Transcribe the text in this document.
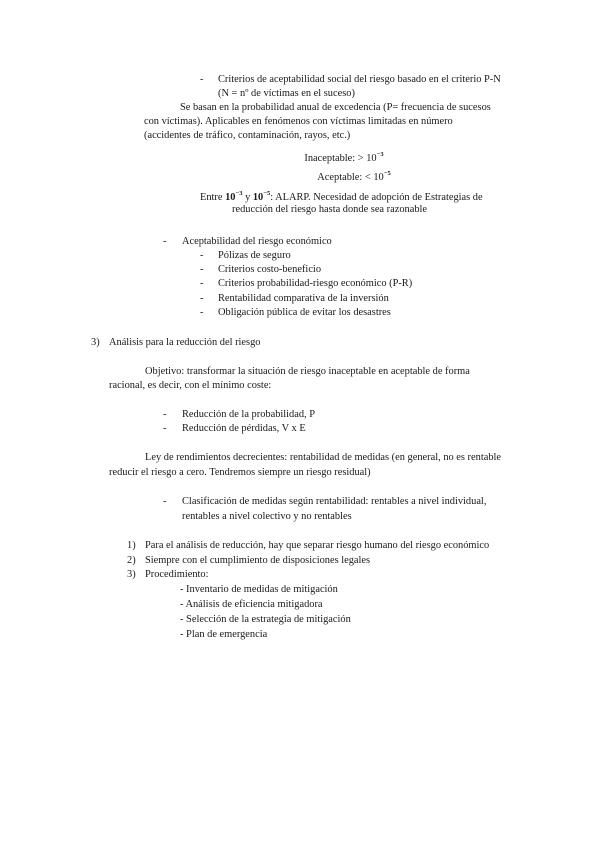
- Criterios de aceptabilidad social del riesgo basado en el criterio P-N
(N = nº de víctimas en el suceso)
Se basan en la probabilidad anual de excedencia (P= frecuencia de sucesos
con víctimas). Aplicables en fenómenos con víctimas limitadas en número
(accidentes de tráfico, contaminación, rayos, etc.)
Inaceptable: > $10^{-3}$
Aceptable: < $10^{-5}$
Entre $10^{-3}$ y $10^{-5}$: ALARP. Necesidad de adopción de Estrategias de
reducción del riesgo hasta donde sea razonable
- Aceptabilidad del riesgo económico
- Pólizas de seguro
- Criterios costo-beneficio
- Criterios probabilidad-riesgo económico (P-R)
- Rentabilidad comparativa de la inversión
- Obligación pública de evitar los desastres
3) Análisis para la reducción del riesgo
Objetivo: transformar la situación de riesgo inaceptable en aceptable de forma
racional, es decir, con el mínimo coste:
- Reducción de la probabilidad, P
- Reducción de pérdidas, V x E
Ley de rendimientos decrecientes: rentabilidad de medidas (en general, no es rentable
reducir el riesgo a cero. Tendremos siempre un riesgo residual)
- Clasificación de medidas según rentabilidad: rentables a nivel individual,
rentables a nivel colectivo y no rentables
1) Para el análisis de reducción, hay que separar riesgo humano del riesgo económico
2) Siempre con el cumplimiento de disposiciones legales
3) Procedimiento:
- Inventario de medidas de mitigación
- Análisis de eficiencia mitigadora
- Selección de la estrategia de mitigación
- Plan de emergencia
